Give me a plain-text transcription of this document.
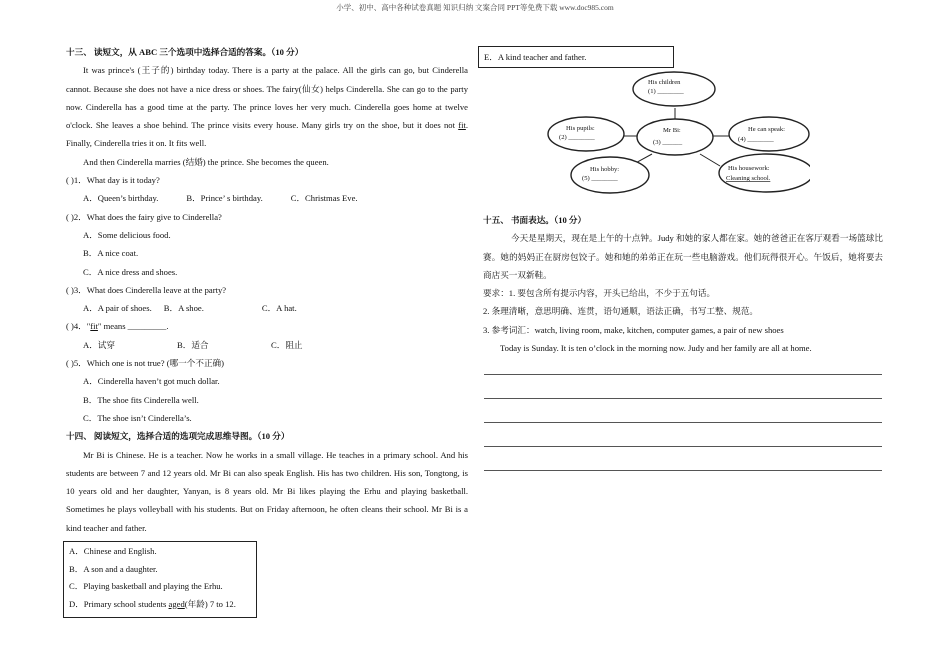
小学、初中、高中各种试卷真题 知识归纳 文案合同 PPT等免费下载 www.doc985.com

十三、 读短文，从 ABC 三个选项中选择合适的答案。（10 分）

It was prince's (王子的) birthday today. There is a party at the palace. All the girls can go, but Cinderella cannot. Because she does not have a nice dress or shoes. The fairy(仙女) helps Cinderella. She can go to the party now. Cinderella has a good time at the party. The prince loves her very much. Cinderella goes home at twelve o'clock. She leaves a shoe behind. The prince visits every house. Many girls try on the shoe, but it does not fit. Finally, Cinderella tries it on. It fits well.

And then Cinderella marries (结婚) the prince. She becomes the queen.

( )1．What day is it today?

A．Queen’s birthday.	B．Prince’ s birthday.	C．Christmas Eve.

( )2．What does the fairy give to Cinderella?

A．Some delicious food.

B．A nice coat.

C．A nice dress and shoes.

( )3．What does Cinderella leave at the party?

A．A pair of shoes. B．A shoe.	C．A hat.

( )4．"fit" means _________.

A．试穿	B．适合	C．阻止

( )5．Which one is not true? (哪一个不正确)

A．Cinderella haven’t got much dollar.

B．The shoe fits Cinderella well.

C．The shoe isn’t Cinderella’s.

十四、 阅读短文，选择合适的选项完成思维导图。（10 分）

Mr Bi is Chinese. He is a teacher. Now he works in a small village. He teaches in a primary school. And his students are between 7 and 12 years old. Mr Bi can also speak English. His has two children. His son, Tongtong, is 10 years old and her daughter, Yanyan, is 8 years old. Mr Bi likes playing the Erhu and playing basketball. Sometimes he plays volleyball with his students. But on Friday afternoon, he often cleans their school. Mr Bi is a kind teacher and father.

A．Chinese and English.
B．A son and a daughter.
C．Playing basketball and playing the Erhu.
D．Primary school students aged(年龄) 7 to 12.
E．A kind teacher and father.
Mr Bi:
(3) ______
His children
(1) ________
His pupils:
(2) ________
He can speak:
(4) ________
His hobby:
(5) ________
His housework:
Cleaning school.

十五、 书面表达。（10 分）

今天是星期天，现在是上午的十点钟。Judy 和她的家人都在家。她的爸爸正在客厅观看一场篮球比赛。她的妈妈正在厨房包饺子。她和她的弟弟正在玩一些电脑游戏。他们玩得很开心。午饭后，她将要去商店买一双新鞋。

要求：1. 要包含所有提示内容，开头已给出，不少于五句话。

2. 条理清晰，意思明确、连贯，语句通顺，语法正确，书写工整、规范。

3. 参考词汇：watch, living room, make, kitchen, computer games, a pair of new shoes

Today is Sunday. It is ten o’clock in the morning now. Judy and her family are all at home.
